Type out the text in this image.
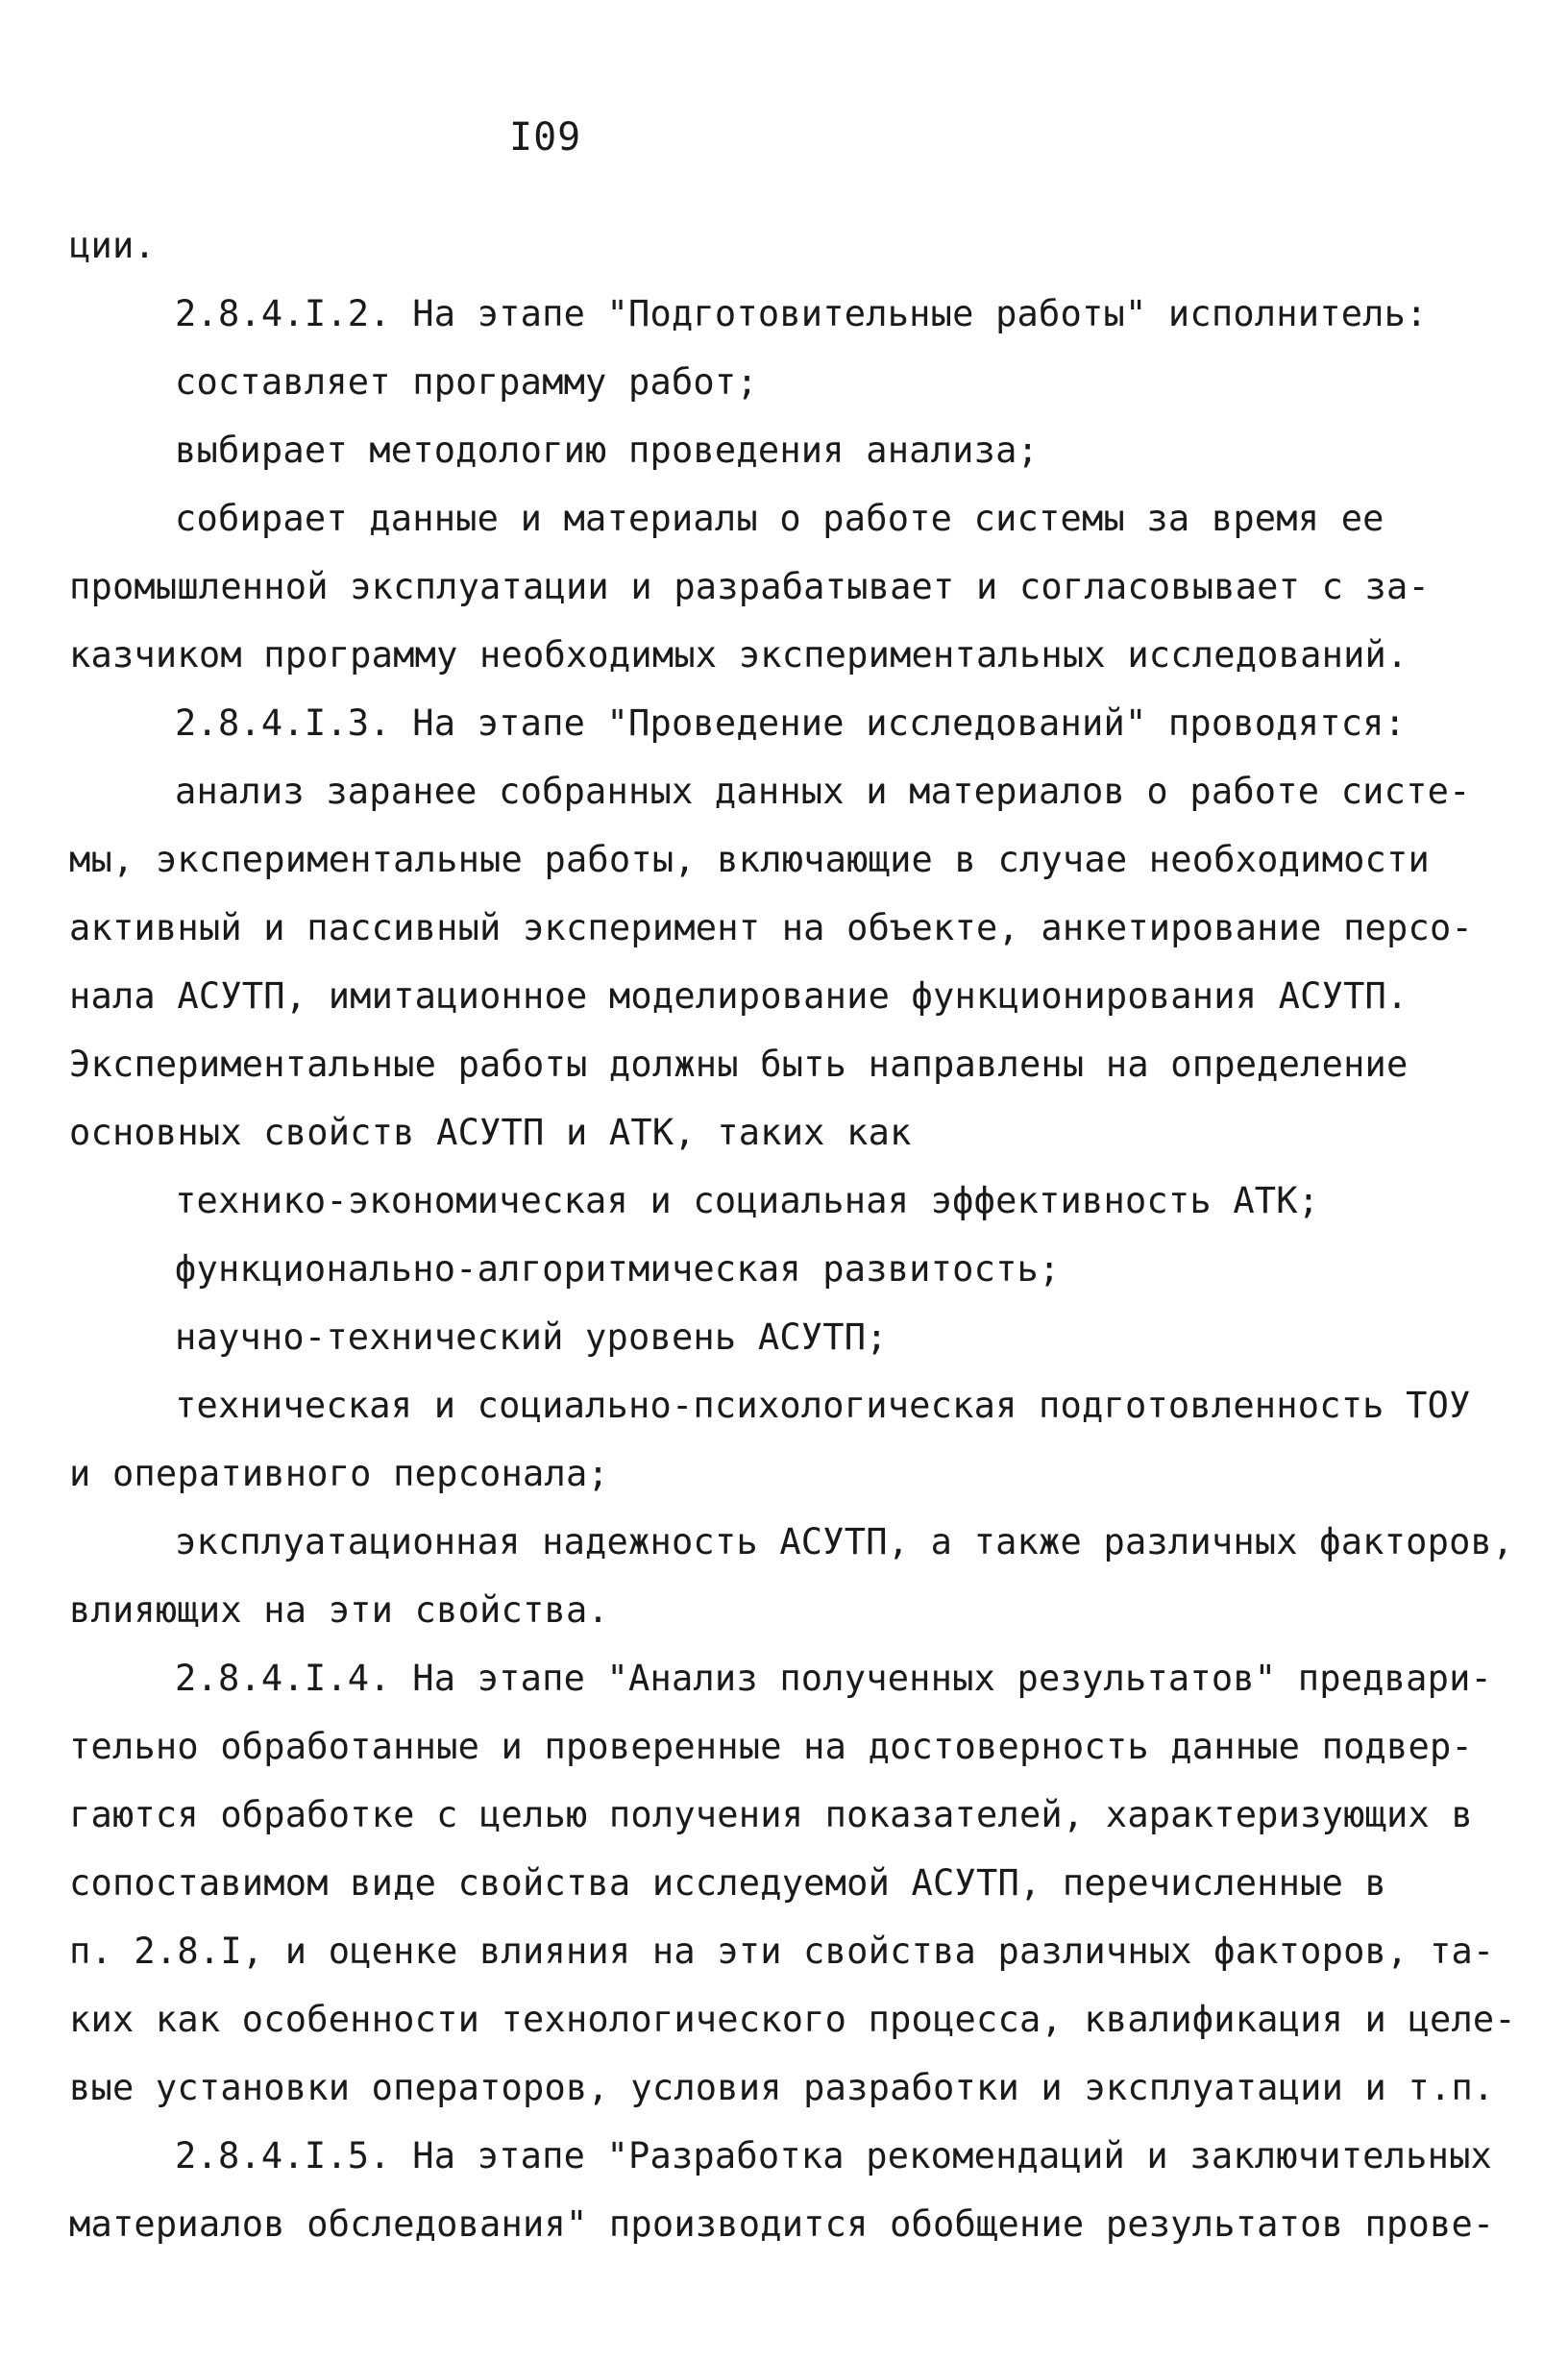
I09
ции.
2.8.4.I.2. На этапе "Подготовительные работы" исполнитель:
составляет программу работ;
выбирает методологию проведения анализа;
собирает данные и материалы о работе системы за время ее
промышленной эксплуатации и разрабатывает и согласовывает с за-
казчиком программу необходимых экспериментальных исследований.
2.8.4.I.3. На этапе "Проведение исследований" проводятся:
анализ заранее собранных данных и материалов о работе систе-
мы, экспериментальные работы, включающие в случае необходимости
активный и пассивный эксперимент на объекте, анкетирование персо-
нала АСУТП, имитационное моделирование функционирования АСУТП.
Экспериментальные работы должны быть направлены на определение
основных свойств АСУТП и АТК, таких как
технико-экономическая и социальная эффективность АТК;
функционально-алгоритмическая развитость;
научно-технический уровень АСУТП;
техническая и социально-психологическая подготовленность ТОУ
и оперативного персонала;
эксплуатационная надежность АСУТП, а также различных факторов,
влияющих на эти свойства.
2.8.4.I.4. На этапе "Анализ полученных результатов" предвари-
тельно обработанные и проверенные на достоверность данные подвер-
гаются обработке с целью получения показателей, характеризующих в
сопоставимом виде свойства исследуемой АСУТП, перечисленные в
п. 2.8.I, и оценке влияния на эти свойства различных факторов, та-
ких как особенности технологического процесса, квалификация и целе-
вые установки операторов, условия разработки и эксплуатации и т.п.
2.8.4.I.5. На этапе "Разработка рекомендаций и заключительных
материалов обследования" производится обобщение результатов прове-
